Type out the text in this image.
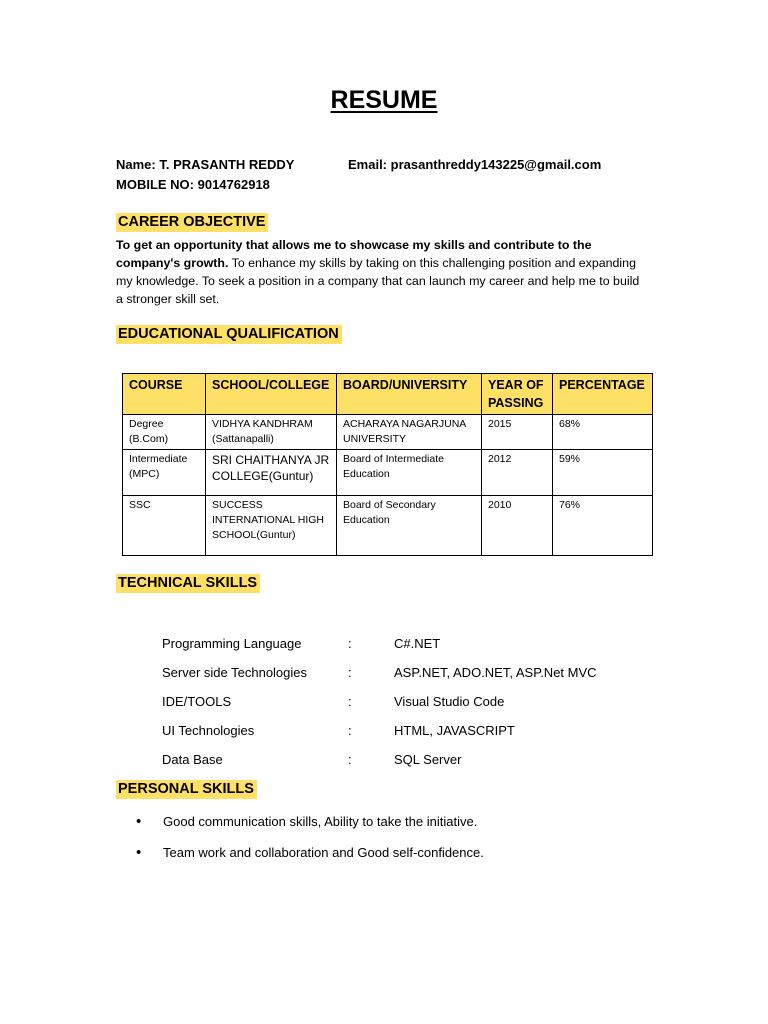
RESUME
Name: T. PRASANTH REDDY	Email: prasanthreddy143225@gmail.com
MOBILE NO: 9014762918
CAREER OBJECTIVE
To get an opportunity that allows me to showcase my skills and contribute to the company's growth. To enhance my skills by taking on this challenging position and expanding my knowledge. To seek a position in a company that can launch my career and help me to build a stronger skill set.
EDUCATIONAL QUALIFICATION
COURSE	SCHOOL/COLLEGE	BOARD/UNIVERSITY	YEAR OF PASSING	PERCENTAGE
Degree (B.Com)	VIDHYA KANDHRAM (Sattanapalli)	ACHARAYA NAGARJUNA UNIVERSITY	2015	68%
Intermediate (MPC)	SRI CHAITHANYA JR COLLEGE(Guntur)	Board of Intermediate Education	2012	59%
SSC	SUCCESS INTERNATIONAL HIGH SCHOOL(Guntur)	Board of Secondary Education	2010	76%
TECHNICAL SKILLS
Programming Language	:	C#.NET
Server side Technologies	:	ASP.NET, ADO.NET, ASP.Net MVC
IDE/TOOLS	:	Visual Studio Code
UI Technologies	:	HTML, JAVASCRIPT
Data Base	:	SQL Server
PERSONAL SKILLS
• Good communication skills, Ability to take the initiative.
• Team work and collaboration and Good self-confidence.
